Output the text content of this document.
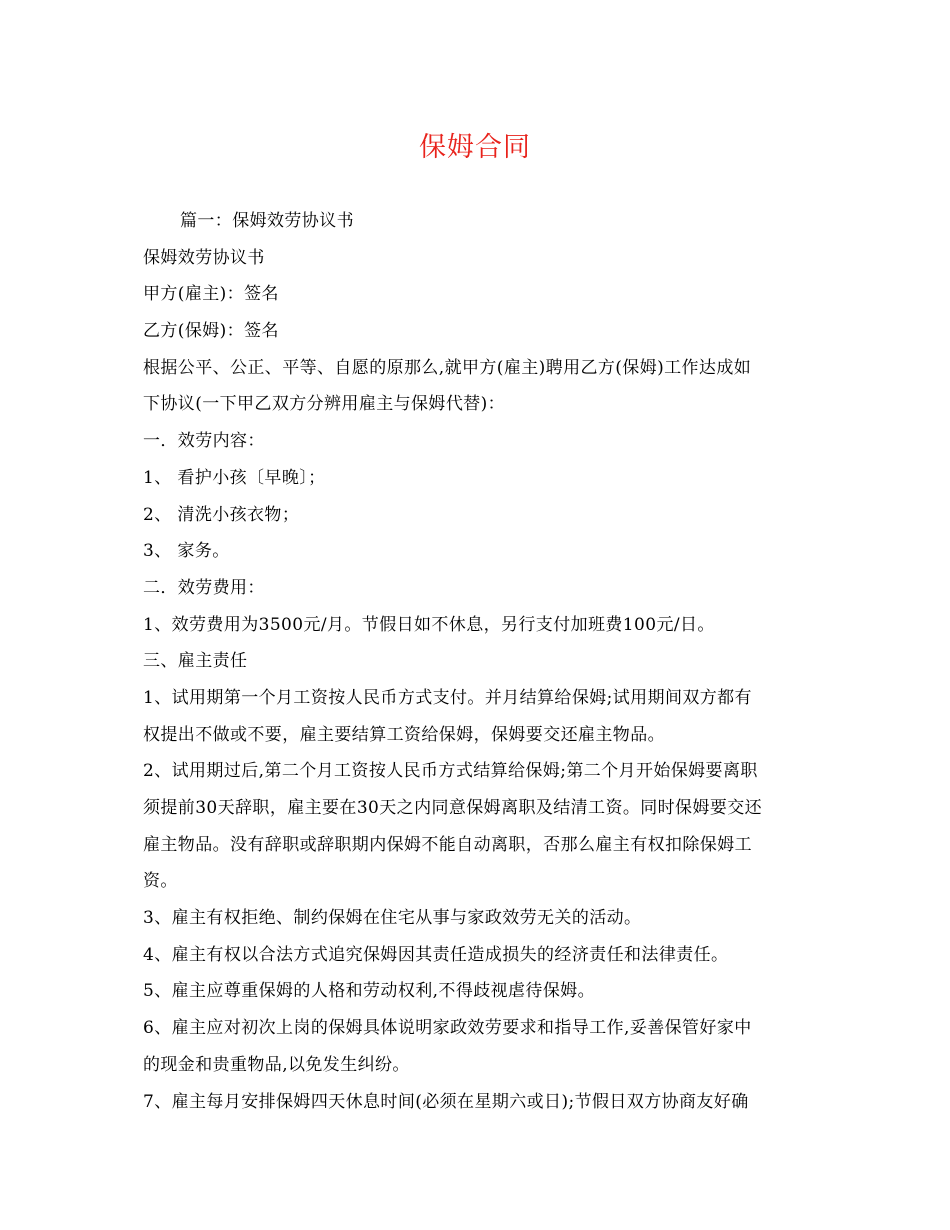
保姆合同
篇一：保姆效劳协议书
保姆效劳协议书
甲方(雇主)：签名
乙方(保姆)：签名
根据公平、公正、平等、自愿的原那么,就甲方(雇主)聘用乙方(保姆)工作达成如
下协议(一下甲乙双方分辨用雇主与保姆代替)：
一．效劳内容：
1、 看护小孩〔早晚〕；
2、 清洗小孩衣物；
3、 家务。
二．效劳费用：
1、效劳费用为3500元/月。节假日如不休息，另行支付加班费100元/日。
三、雇主责任
1、试用期第一个月工资按人民币方式支付。并月结算给保姆;试用期间双方都有
权提出不做或不要，雇主要结算工资给保姆，保姆要交还雇主物品。
2、试用期过后,第二个月工资按人民币方式结算给保姆;第二个月开始保姆要离职
须提前30天辞职，雇主要在30天之内同意保姆离职及结清工资。同时保姆要交还
雇主物品。没有辞职或辞职期内保姆不能自动离职，否那么雇主有权扣除保姆工
资。
3、雇主有权拒绝、制约保姆在住宅从事与家政效劳无关的活动。
4、雇主有权以合法方式追究保姆因其责任造成损失的经济责任和法律责任。
5、雇主应尊重保姆的人格和劳动权利,不得歧视虐待保姆。
6、雇主应对初次上岗的保姆具体说明家政效劳要求和指导工作,妥善保管好家中
的现金和贵重物品,以免发生纠纷。
7、雇主每月安排保姆四天休息时间(必须在星期六或日);节假日双方协商友好确
